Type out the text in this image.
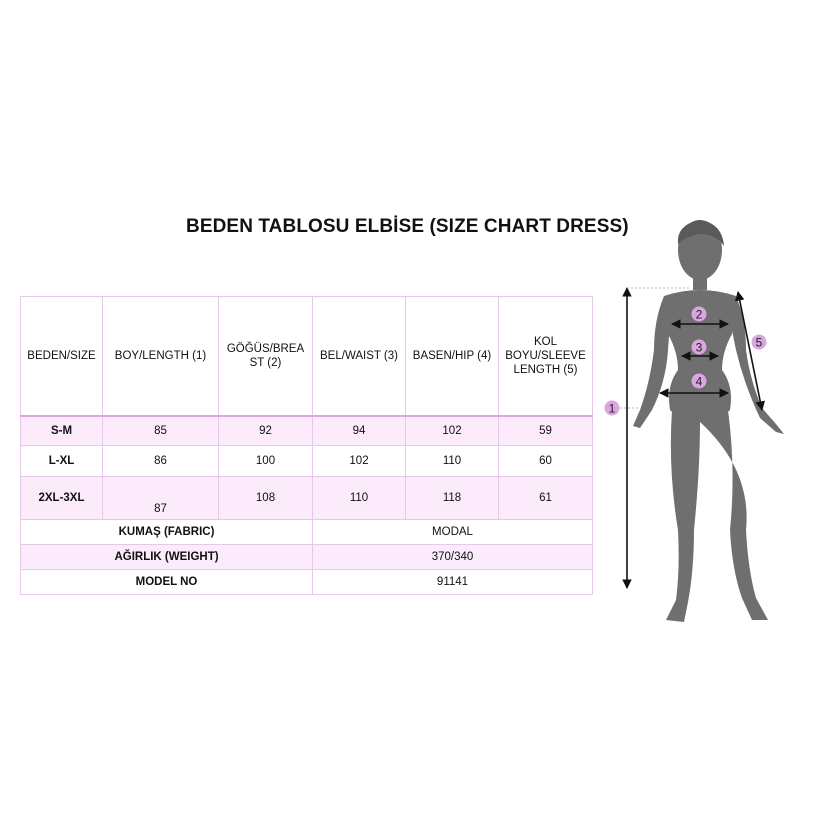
BEDEN TABLOSU ELBİSE (SIZE CHART DRESS)
BEDEN/SIZE	BOY/LENGTH (1)	GÖĞÜS/BREA ST (2)	BEL/WAIST (3)	BASEN/HIP (4)	KOL BOYU/SLEEVE LENGTH (5)
S-M	85	92	94	102	59
L-XL	86	100	102	110	60
2XL-3XL	87	108	110	118	61
KUMAŞ (FABRIC)			MODAL		
AĞIRLIK (WEIGHT)			370/340		
MODEL NO			91141		
1
2
3
4
5
